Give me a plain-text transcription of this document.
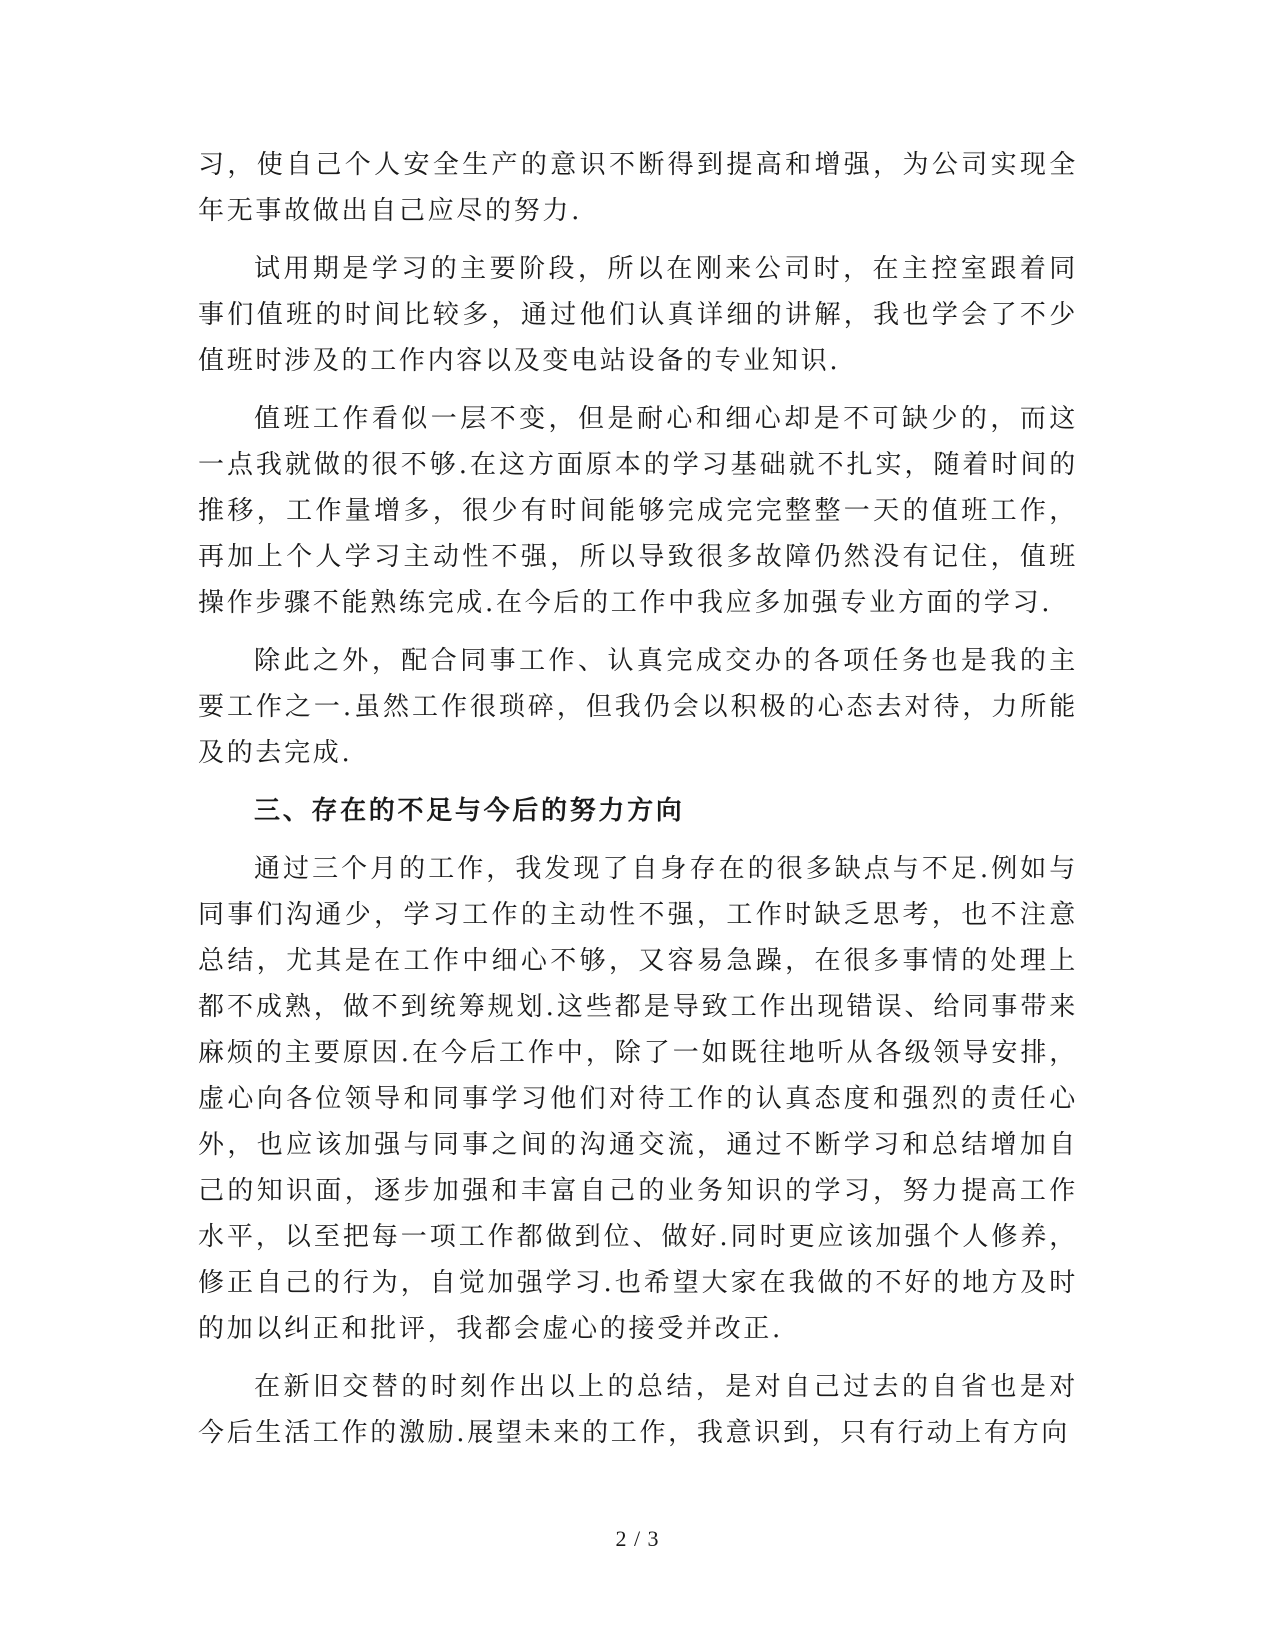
习，使自己个人安全生产的意识不断得到提高和增强，为公司实现全年无事故做出自己应尽的努力.

试用期是学习的主要阶段，所以在刚来公司时，在主控室跟着同事们值班的时间比较多，通过他们认真详细的讲解，我也学会了不少值班时涉及的工作内容以及变电站设备的专业知识.

值班工作看似一层不变，但是耐心和细心却是不可缺少的，而这一点我就做的很不够.在这方面原本的学习基础就不扎实，随着时间的推移，工作量增多，很少有时间能够完成完完整整一天的值班工作，再加上个人学习主动性不强，所以导致很多故障仍然没有记住，值班操作步骤不能熟练完成.在今后的工作中我应多加强专业方面的学习.

除此之外，配合同事工作、认真完成交办的各项任务也是我的主要工作之一.虽然工作很琐碎，但我仍会以积极的心态去对待，力所能及的去完成.

三、存在的不足与今后的努力方向

通过三个月的工作，我发现了自身存在的很多缺点与不足.例如与同事们沟通少，学习工作的主动性不强，工作时缺乏思考，也不注意总结，尤其是在工作中细心不够，又容易急躁，在很多事情的处理上都不成熟，做不到统筹规划.这些都是导致工作出现错误、给同事带来麻烦的主要原因.在今后工作中，除了一如既往地听从各级领导安排，虚心向各位领导和同事学习他们对待工作的认真态度和强烈的责任心外，也应该加强与同事之间的沟通交流，通过不断学习和总结增加自己的知识面，逐步加强和丰富自己的业务知识的学习，努力提高工作水平，以至把每一项工作都做到位、做好.同时更应该加强个人修养，修正自己的行为，自觉加强学习.也希望大家在我做的不好的地方及时的加以纠正和批评，我都会虚心的接受并改正.

在新旧交替的时刻作出以上的总结，是对自己过去的自省也是对今后生活工作的激励.展望未来的工作，我意识到，只有行动上有方向

2 / 3
